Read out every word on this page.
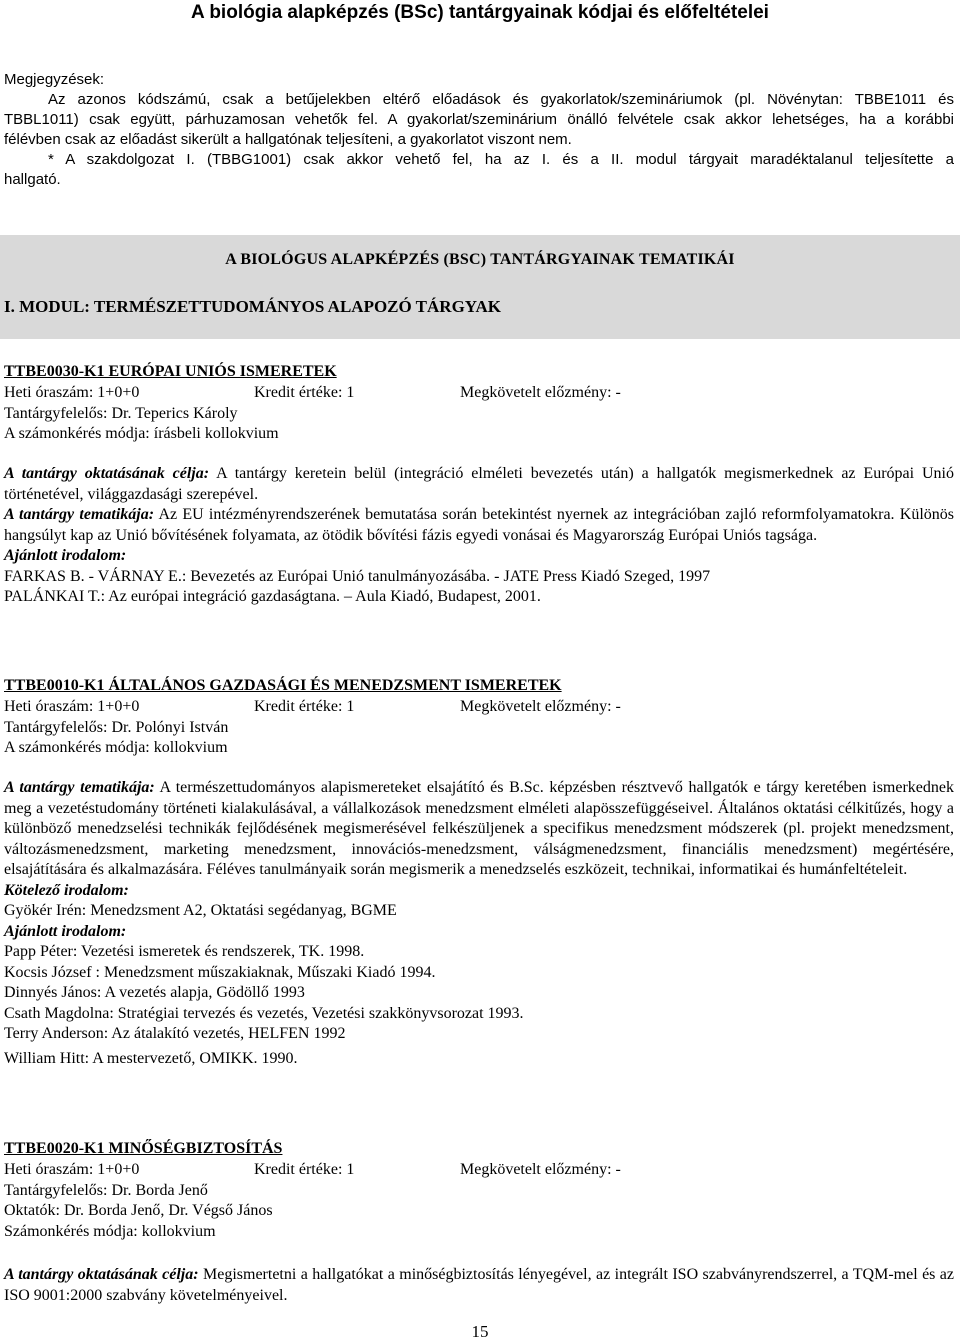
A biológia alapképzés (BSc) tantárgyainak kódjai és előfeltételei
Megjegyzések:
Az azonos kódszámú, csak a betűjelekben eltérő előadások és gyakorlatok/szemináriumok (pl. Növénytan: TBBE1011 és
TBBL1011) csak együtt, párhuzamosan vehetők fel. A gyakorlat/szeminárium önálló felvétele csak akkor lehetséges, ha a korábbi
félévben csak az előadást sikerült a hallgatónak teljesíteni, a gyakorlatot viszont nem.
* A szakdolgozat I. (TBBG1001) csak akkor vehető fel, ha az I. és a II. modul tárgyait maradéktalanul teljesítette a
hallgató.
A BIOLÓGUS ALAPKÉPZÉS (BSC) TANTÁRGYAINAK TEMATIKÁI
I. MODUL: TERMÉSZETTUDOMÁNYOS ALAPOZÓ TÁRGYAK
TTBE0030-K1 EURÓPAI UNIÓS ISMERETEK
Heti óraszám: 1+0+0	Kredit értéke: 1	Megkövetelt előzmény: -
Tantárgyfelelős: Dr. Teperics Károly
A számonkérés módja: írásbeli kollokvium

A tantárgy oktatásának célja: A tantárgy keretein belül (integráció elméleti bevezetés után) a hallgatók megismerkednek az Európai Unió történetével, világgazdasági szerepével.

A tantárgy tematikája: Az EU intézményrendszerének bemutatása során betekintést nyernek az integrációban zajló reformfolyamatokra. Különös hangsúlyt kap az Unió bővítésének folyamata, az ötödik bővítési fázis egyedi vonásai és Magyarország Európai Uniós tagsága.

Ajánlott irodalom:

FARKAS B. - VÁRNAY E.: Bevezetés az Európai Unió tanulmányozásába. - JATE Press Kiadó Szeged, 1997
PALÁNKAI T.: Az európai integráció gazdaságtana. – Aula Kiadó, Budapest, 2001.
TTBE0010-K1 ÁLTALÁNOS GAZDASÁGI ÉS MENEDZSMENT ISMERETEK
Heti óraszám: 1+0+0	Kredit értéke: 1	Megkövetelt előzmény: -
Tantárgyfelelős: Dr. Polónyi István
A számonkérés módja: kollokvium

A tantárgy tematikája: A természettudományos alapismereteket elsajátító és B.Sc. képzésben résztvevő hallgatók e tárgy keretében ismerkednek meg a vezetéstudomány történeti kialakulásával, a vállalkozások menedzsment elméleti alapösszefüggéseivel. Általános oktatási célkitűzés, hogy a különböző menedzselési technikák fejlődésének megismerésével felkészüljenek a specifikus menedzsment módszerek (pl. projekt menedzsment, változásmenedzsment, marketing menedzsment, innovációs-menedzsment, válságmenedzsment, financiális menedzsment) megértésére, elsajátítására és alkalmazására. Féléves tanulmányaik során megismerik a menedzselés eszközeit, technikai, informatikai és humánfeltételeit.

Kötelező irodalom:

Gyökér Irén: Menedzsment A2, Oktatási segédanyag, BGME

Ajánlott irodalom:

Papp Péter: Vezetési ismeretek és rendszerek, TK. 1998.
Kocsis József : Menedzsment műszakiaknak, Műszaki Kiadó 1994.
Dinnyés János: A vezetés alapja, Gödöllő 1993
Csath Magdolna: Stratégiai tervezés és vezetés, Vezetési szakkönyvsorozat 1993.
Terry Anderson: Az átalakító vezetés, HELFEN 1992
William Hitt: A mestervezető, OMIKK. 1990.
TTBE0020-K1 MINŐSÉGBIZTOSÍTÁS
Heti óraszám: 1+0+0	Kredit értéke: 1	Megkövetelt előzmény: -
Tantárgyfelelős: Dr. Borda Jenő
Oktatók: Dr. Borda Jenő, Dr. Végső János
Számonkérés módja: kollokvium

A tantárgy oktatásának célja: Megismertetni a hallgatókat a minőségbiztosítás lényegével, az integrált ISO szabványrendszerrel, a TQM-mel és az ISO 9001:2000 szabvány követelményeivel.

15
